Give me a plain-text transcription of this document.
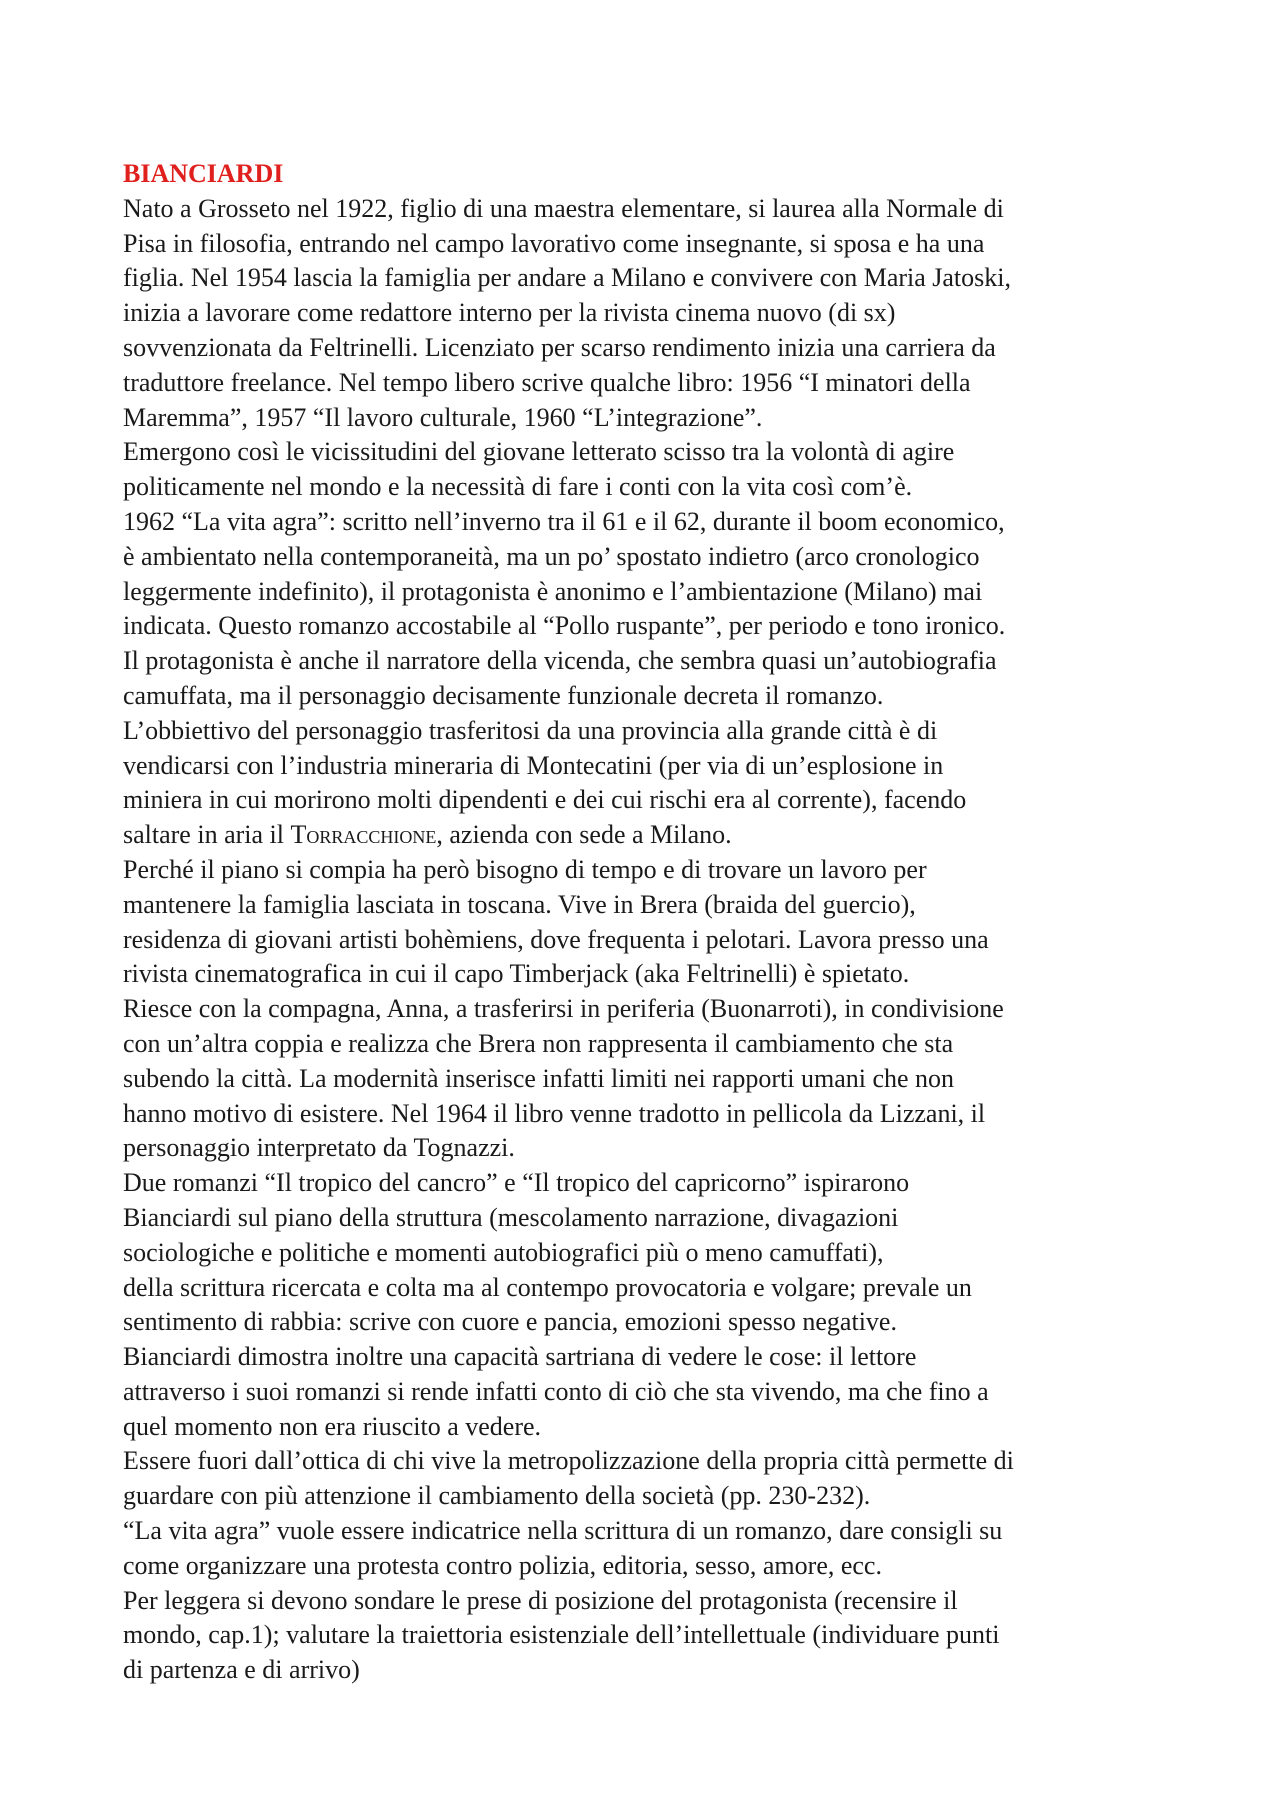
BIANCIARDI

Nato a Grosseto nel 1922, figlio di una maestra elementare, si laurea alla Normale di
Pisa in filosofia, entrando nel campo lavorativo come insegnante, si sposa e ha una
figlia. Nel 1954 lascia la famiglia per andare a Milano e convivere con Maria Jatoski,
inizia a lavorare come redattore interno per la rivista cinema nuovo (di sx)
sovvenzionata da Feltrinelli. Licenziato per scarso rendimento inizia una carriera da
traduttore freelance. Nel tempo libero scrive qualche libro: 1956 “I minatori della
Maremma”, 1957 “Il lavoro culturale, 1960 “L’integrazione”.

Emergono così le vicissitudini del giovane letterato scisso tra la volontà di agire
politicamente nel mondo e la necessità di fare i conti con la vita così com’è.

1962 “La vita agra”: scritto nell’inverno tra il 61 e il 62, durante il boom economico,
è ambientato nella contemporaneità, ma un po’ spostato indietro (arco cronologico
leggermente indefinito), il protagonista è anonimo e l’ambientazione (Milano) mai
indicata. Questo romanzo accostabile al “Pollo ruspante”, per periodo e tono ironico.
Il protagonista è anche il narratore della vicenda, che sembra quasi un’autobiografia
camuffata, ma il personaggio decisamente funzionale decreta il romanzo.

L’obbiettivo del personaggio trasferitosi da una provincia alla grande città è di
vendicarsi con l’industria mineraria di Montecatini (per via di un’esplosione in
miniera in cui morirono molti dipendenti e dei cui rischi era al corrente), facendo
saltare in aria il Torracchione, azienda con sede a Milano.

Perché il piano si compia ha però bisogno di tempo e di trovare un lavoro per
mantenere la famiglia lasciata in toscana. Vive in Brera (braida del guercio),
residenza di giovani artisti bohèmiens, dove frequenta i pelotari. Lavora presso una
rivista cinematografica in cui il capo Timberjack (aka Feltrinelli) è spietato.

Riesce con la compagna, Anna, a trasferirsi in periferia (Buonarroti), in condivisione
con un’altra coppia e realizza che Brera non rappresenta il cambiamento che sta
subendo la città. La modernità inserisce infatti limiti nei rapporti umani che non
hanno motivo di esistere. Nel 1964 il libro venne tradotto in pellicola da Lizzani, il
personaggio interpretato da Tognazzi.

Due romanzi “Il tropico del cancro” e “Il tropico del capricorno” ispirarono
Bianciardi sul piano della struttura (mescolamento narrazione, divagazioni
sociologiche e politiche e momenti autobiografici più o meno camuffati),
della scrittura ricercata e colta ma al contempo provocatoria e volgare; prevale un
sentimento di rabbia: scrive con cuore e pancia, emozioni spesso negative.

Bianciardi dimostra inoltre una capacità sartriana di vedere le cose: il lettore
attraverso i suoi romanzi si rende infatti conto di ciò che sta vivendo, ma che fino a
quel momento non era riuscito a vedere.

Essere fuori dall’ottica di chi vive la metropolizzazione della propria città permette di
guardare con più attenzione il cambiamento della società (pp. 230-232).

“La vita agra” vuole essere indicatrice nella scrittura di un romanzo, dare consigli su
come organizzare una protesta contro polizia, editoria, sesso, amore, ecc.

Per leggera si devono sondare le prese di posizione del protagonista (recensire il
mondo, cap.1); valutare la traiettoria esistenziale dell’intellettuale (individuare punti
di partenza e di arrivo)
